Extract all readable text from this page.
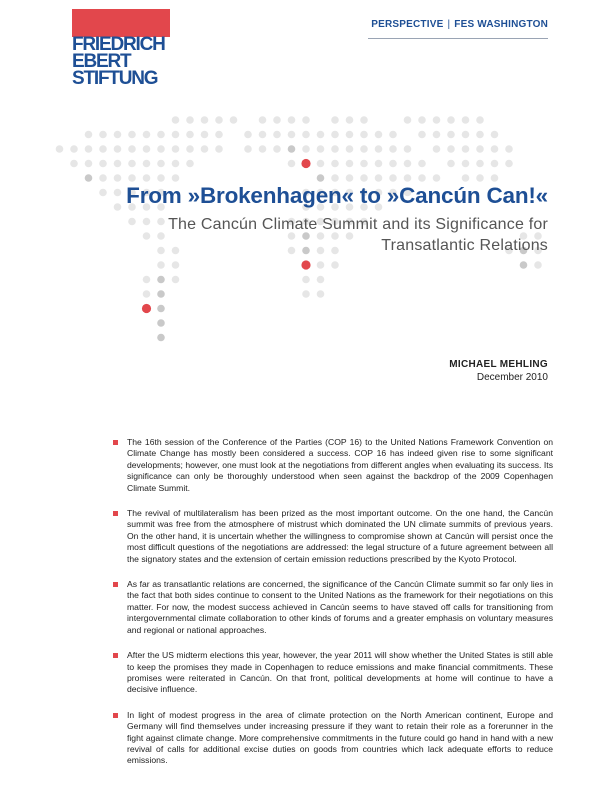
FRIEDRICH
EBERT
STIFTUNG
PERSPECTIVE | FES WASHINGTON
From »Brokenhagen« to »Cancún Can!«
The Cancún Climate Summit and its Significance for
Transatlantic Relations
MICHAEL MEHLING
December 2010
The 16th session of the Conference of the Parties (COP 16) to the United Nations Framework Convention on Climate Change has mostly been considered a success. COP 16 has indeed given rise to some significant developments; however, one must look at the negotiations from different angles when evaluating its success. Its significance can only be thoroughly understood when seen against the backdrop of the 2009 Copenhagen Climate Summit.
The revival of multilateralism has been prized as the most important outcome. On the one hand, the Cancún summit was free from the atmosphere of mistrust which dominated the UN climate summits of previous years. On the other hand, it is uncertain whether the willingness to compromise shown at Cancún will persist once the most difficult questions of the negotiations are addressed: the legal structure of a future agreement between all the signatory states and the extension of certain emission reductions prescribed by the Kyoto Protocol.
As far as transatlantic relations are concerned, the significance of the Cancún Climate summit so far only lies in the fact that both sides continue to consent to the United Nations as the framework for their negotiations on this matter. For now, the modest success achieved in Cancún seems to have staved off calls for transitioning from intergovernmental climate collaboration to other kinds of forums and a greater emphasis on voluntary measures and regional or national approaches.
After the US midterm elections this year, however, the year 2011 will show whether the United States is still able to keep the promises they made in Copenhagen to reduce emissions and make financial commitments. These promises were reiterated in Cancún. On that front, political developments at home will continue to have a decisive influence.
In light of modest progress in the area of climate protection on the North American continent, Europe and Germany will find themselves under increasing pressure if they want to retain their role as a forerunner in the fight against climate change. More comprehensive commitments in the future could go hand in hand with a new revival of calls for additional excise duties on goods from countries which lack adequate efforts to reduce emissions.
